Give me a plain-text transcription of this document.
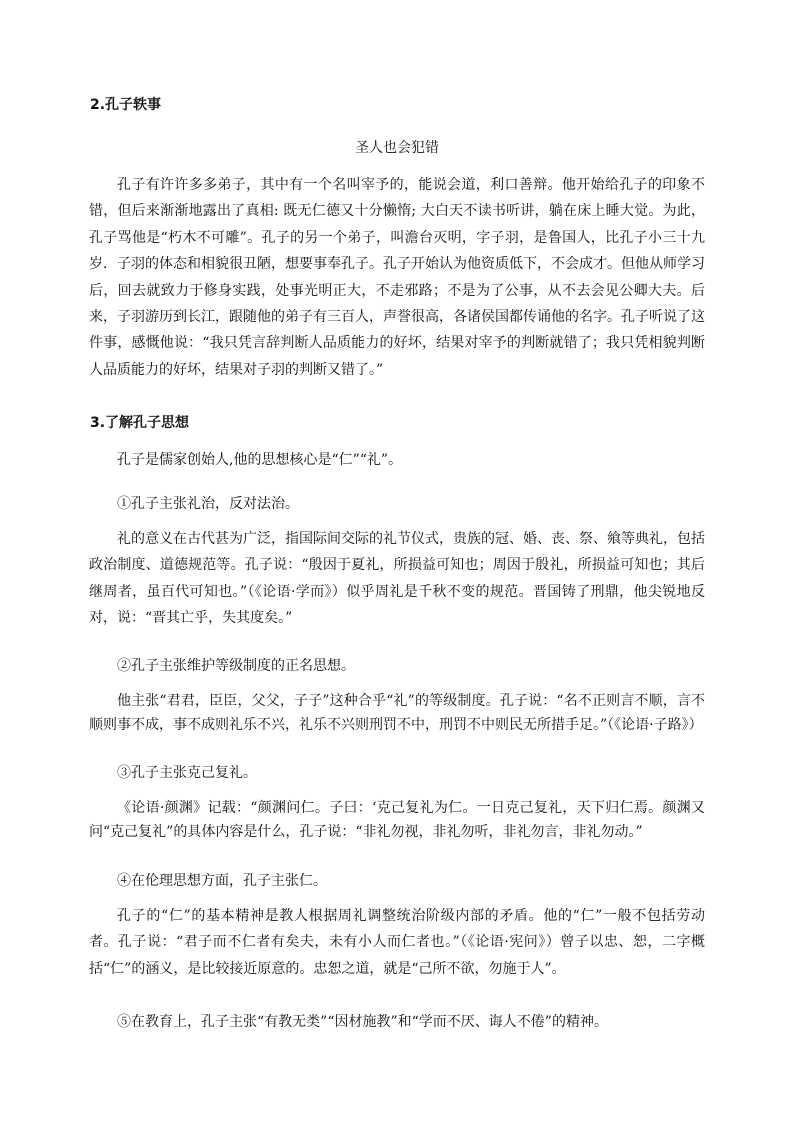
2.孔子轶事
圣人也会犯错

孔子有许许多多弟子，其中有一个名叫宰予的，能说会道，利口善辩。他开始给孔子的印象不错，但后来渐渐地露出了真相: 既无仁德又十分懒惰; 大白天不读书听讲，躺在床上睡大觉。为此，孔子骂他是“朽木不可雕”。孔子的另一个弟子，叫澹台灭明，字子羽，是鲁国人，比孔子小三十九岁．子羽的体态和相貌很丑陋，想要事奉孔子。孔子开始认为他资质低下，不会成才。但他从师学习后，回去就致力于修身实践，处事光明正大，不走邪路；不是为了公事，从不去会见公卿大夫。后来，子羽游历到长江，跟随他的弟子有三百人，声誉很高，各诸侯国都传诵他的名字。孔子听说了这件事，感慨他说：“我只凭言辞判断人品质能力的好坏，结果对宰予的判断就错了；我只凭相貌判断人品质能力的好坏，结果对子羽的判断又错了。”

3.了解孔子思想
孔子是儒家创始人,他的思想核心是“仁”“礼”。
①孔子主张礼治，反对法治。

礼的意义在古代甚为广泛，指国际间交际的礼节仪式，贵族的冠、婚、丧、祭、飨等典礼，包括政治制度、道德规范等。孔子说：“殷因于夏礼，所损益可知也；周因于殷礼，所损益可知也；其后继周者，虽百代可知也。”（《论语·学而》）似乎周礼是千秋不变的规范。晋国铸了刑鼎，他尖锐地反对，说：“晋其亡乎，失其度矣。”

②孔子主张维护等级制度的正名思想。

他主张“君君，臣臣，父父，子子”这种合乎“礼”的等级制度。孔子说：“名不正则言不顺，言不顺则事不成，事不成则礼乐不兴，礼乐不兴则刑罚不中，刑罚不中则民无所措手足。”（《论语·子路》）

③孔子主张克己复礼。

《论语·颜渊》记载：“颜渊问仁。子曰：‘克己复礼为仁。一日克己复礼，天下归仁焉。颜渊又问“克己复礼”的具体内容是什么，孔子说：“非礼勿视，非礼勿听，非礼勿言，非礼勿动。”

④在伦理思想方面，孔子主张仁。

孔子的“仁”的基本精神是教人根据周礼调整统治阶级内部的矛盾。他的“仁”一般不包括劳动者。孔子说：“君子而不仁者有矣夫，未有小人而仁者也。”（《论语·宪问》）曾子以忠、恕，二字概括“仁”的涵义，是比较接近原意的。忠恕之道，就是“己所不欲，勿施于人”。

⑤在教育上，孔子主张“有教无类”“因材施教”和“学而不厌、诲人不倦”的精神。
